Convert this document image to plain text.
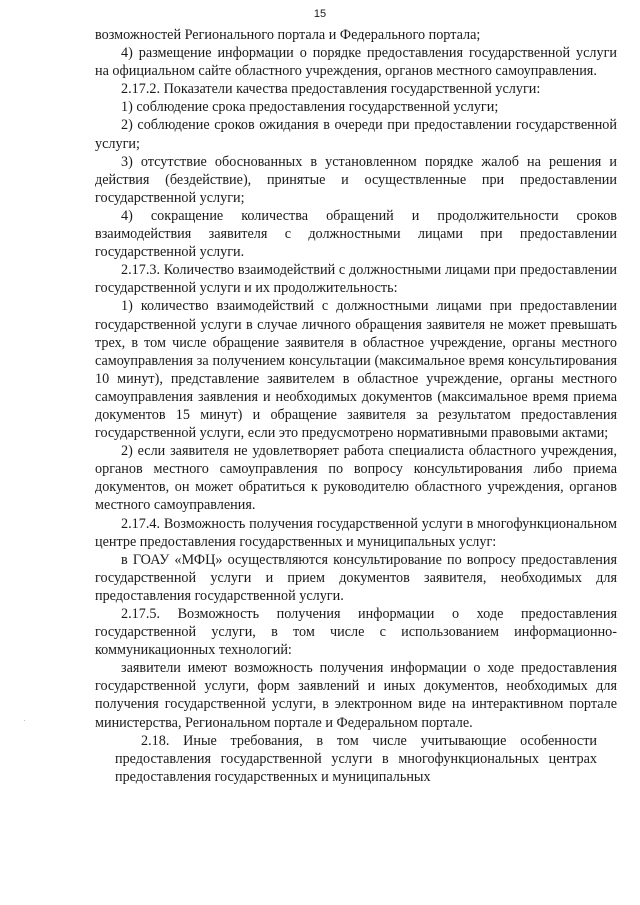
15

возможностей Регионального портала и Федерального портала;

4) размещение информации о порядке предоставления государственной услуги на официальном сайте областного учреждения, органов местного самоуправления.

2.17.2. Показатели качества предоставления государственной услуги:

1) соблюдение срока предоставления государственной услуги;

2) соблюдение сроков ожидания в очереди при предоставлении государственной услуги;

3) отсутствие обоснованных в установленном порядке жалоб на решения и действия (бездействие), принятые и осуществленные при предоставлении государственной услуги;

4) сокращение количества обращений и продолжительности сроков взаимодействия заявителя с должностными лицами при предоставлении государственной услуги.

2.17.3. Количество взаимодействий с должностными лицами при предоставлении государственной услуги и их продолжительность:

1) количество взаимодействий с должностными лицами при предоставлении государственной услуги в случае личного обращения заявителя не может превышать трех, в том числе обращение заявителя в областное учреждение, органы местного самоуправления за получением консультации (максимальное время консультирования 10 минут), представление заявителем в областное учреждение, органы местного самоуправления заявления и необходимых документов (максимальное время приема документов 15 минут) и обращение заявителя за результатом предоставления государственной услуги, если это предусмотрено нормативными правовыми актами;

2) если заявителя не удовлетворяет работа специалиста областного учреждения, органов местного самоуправления по вопросу консультирования либо приема документов, он может обратиться к руководителю областного учреждения, органов местного самоуправления.

2.17.4. Возможность получения государственной услуги в многофункциональном центре предоставления государственных и муниципальных услуг:

в ГОАУ «МФЦ» осуществляются консультирование по вопросу предоставления государственной услуги и прием документов заявителя, необходимых для предоставления государственной услуги.

2.17.5. Возможность получения информации о ходе предоставления государственной услуги, в том числе с использованием информационно-коммуникационных технологий:

заявители имеют возможность получения информации о ходе предоставления государственной услуги, форм заявлений и иных документов, необходимых для получения государственной услуги, в электронном виде на интерактивном портале министерства, Региональном портале и Федеральном портале.

2.18. Иные требования, в том числе учитывающие особенности предоставления государственной услуги в многофункциональных центрах предоставления государственных и муниципальных
